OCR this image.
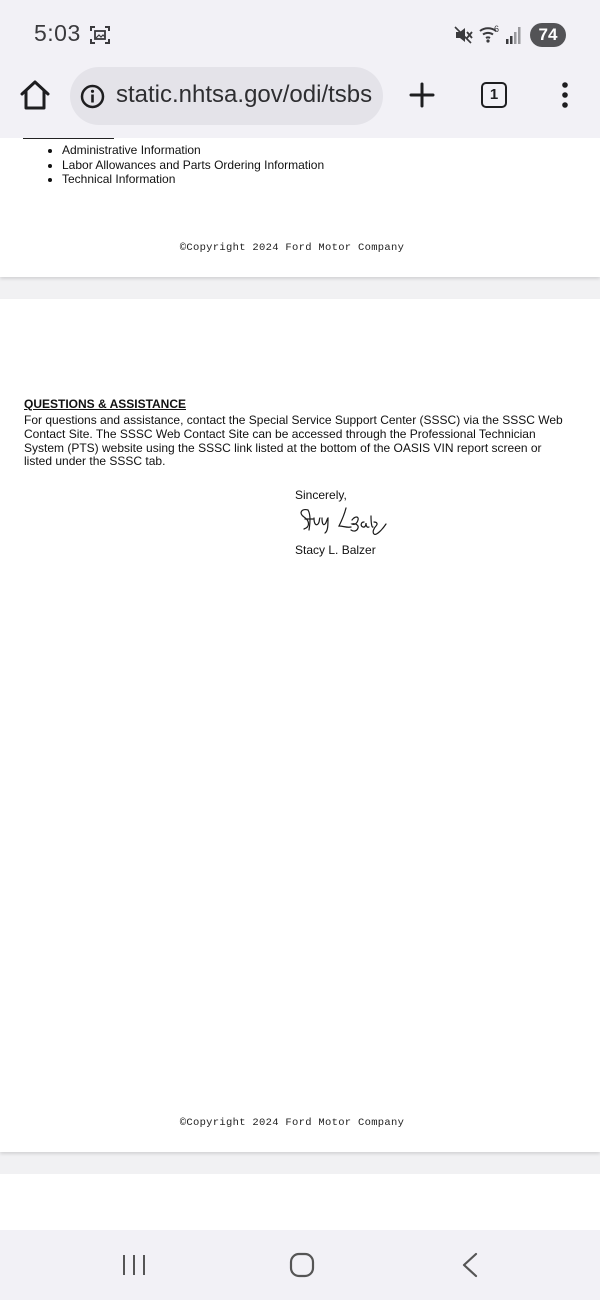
5:03	6	74
static.nhtsa.gov/odi/tsbs	1
• Administrative Information
• Labor Allowances and Parts Ordering Information
• Technical Information
©Copyright 2024 Ford Motor Company
QUESTIONS & ASSISTANCE
For questions and assistance, contact the Special Service Support Center (SSSC) via the SSSC Web Contact Site. The SSSC Web Contact Site can be accessed through the Professional Technician System (PTS) website using the SSSC link listed at the bottom of the OASIS VIN report screen or listed under the SSSC tab.
Sincerely,
Stacy L. Balzer
©Copyright 2024 Ford Motor Company
